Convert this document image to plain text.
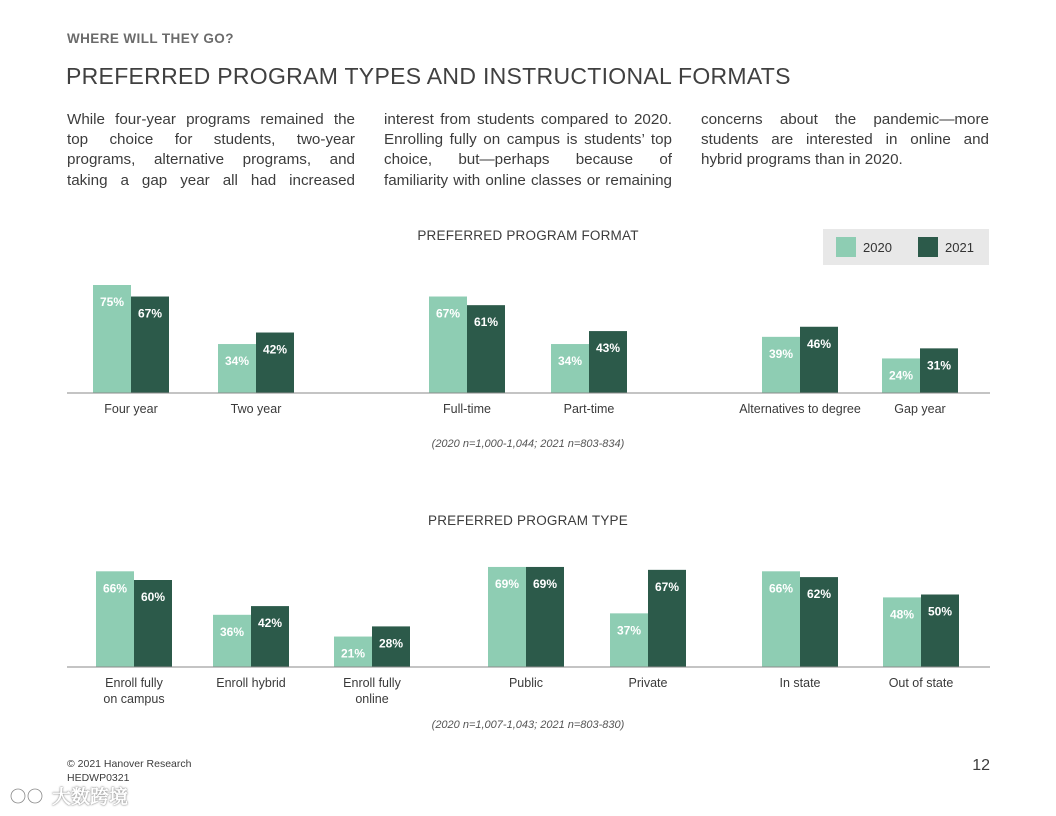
WHERE WILL THEY GO?
PREFERRED PROGRAM TYPES AND INSTRUCTIONAL FORMATS
While four-year programs remained the top choice for students, two-year programs, alternative programs, and taking a gap year all had increased interest from students compared to 2020. Enrolling fully on campus is students’ top choice, but—perhaps because of familiarity with online classes or remaining concerns about the pandemic—more students are interested in online and hybrid programs than in 2020.
PREFERRED PROGRAM FORMAT
75%
67%
Four year
34%
42%
Two year
67%
61%
Full-time
34%
43%
Part-time
39%
46%
Alternatives to degree
24%
31%
Gap year
(2020 n=1,000-1,044; 2021 n=803-834)
2020	2021
PREFERRED PROGRAM TYPE
66%
60%
Enroll fully on campus
36%
42%
Enroll hybrid
21%
28%
Enroll fully online
69% 69%
Public
37%
67%
Private
66% 62%
In state
48% 50%
Out of state
(2020 n=1,007-1,043; 2021 n=803-830)
© 2021 Hanover Research
HEDWP0321
12
大数跨境
